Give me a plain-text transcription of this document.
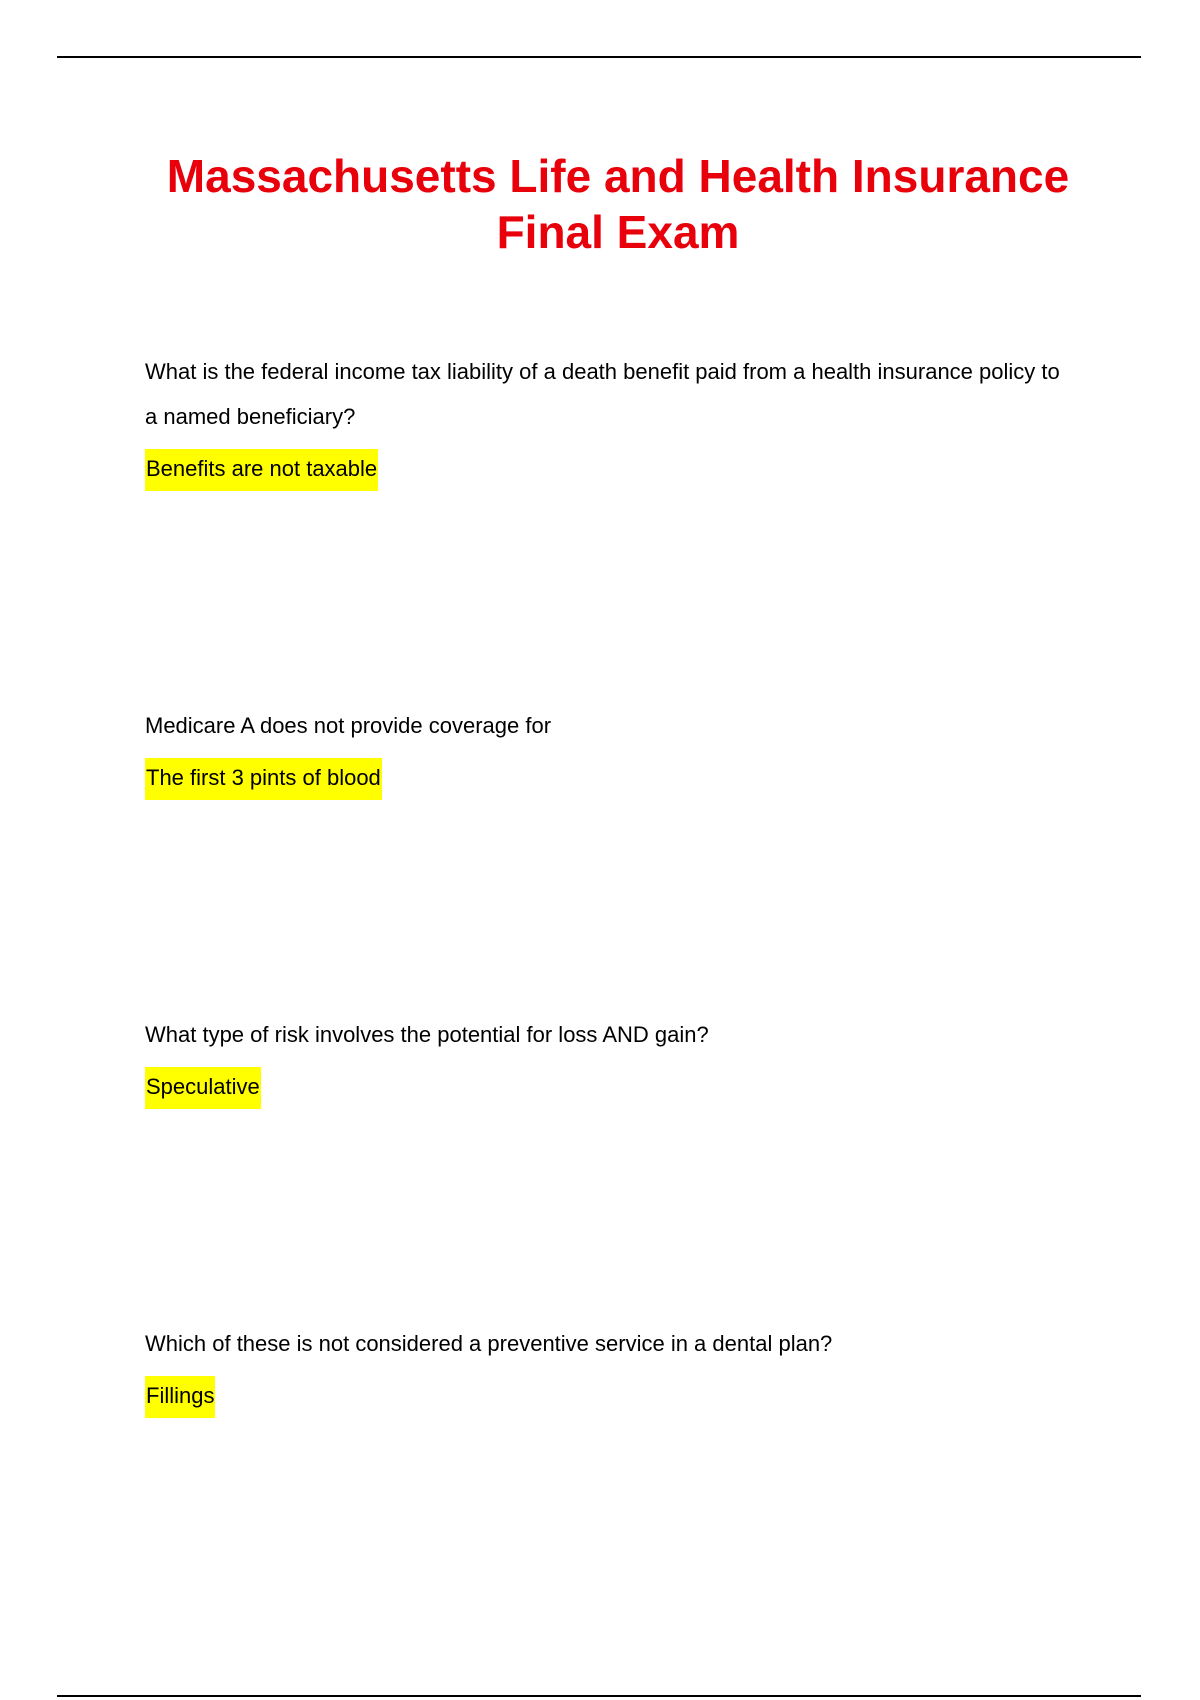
Massachusetts Life and Health Insurance Final Exam

What is the federal income tax liability of a death benefit paid from a health insurance policy to a named beneficiary?

Benefits are not taxable

Medicare A does not provide coverage for

The first 3 pints of blood

What type of risk involves the potential for loss AND gain?

Speculative

Which of these is not considered a preventive service in a dental plan?

Fillings
